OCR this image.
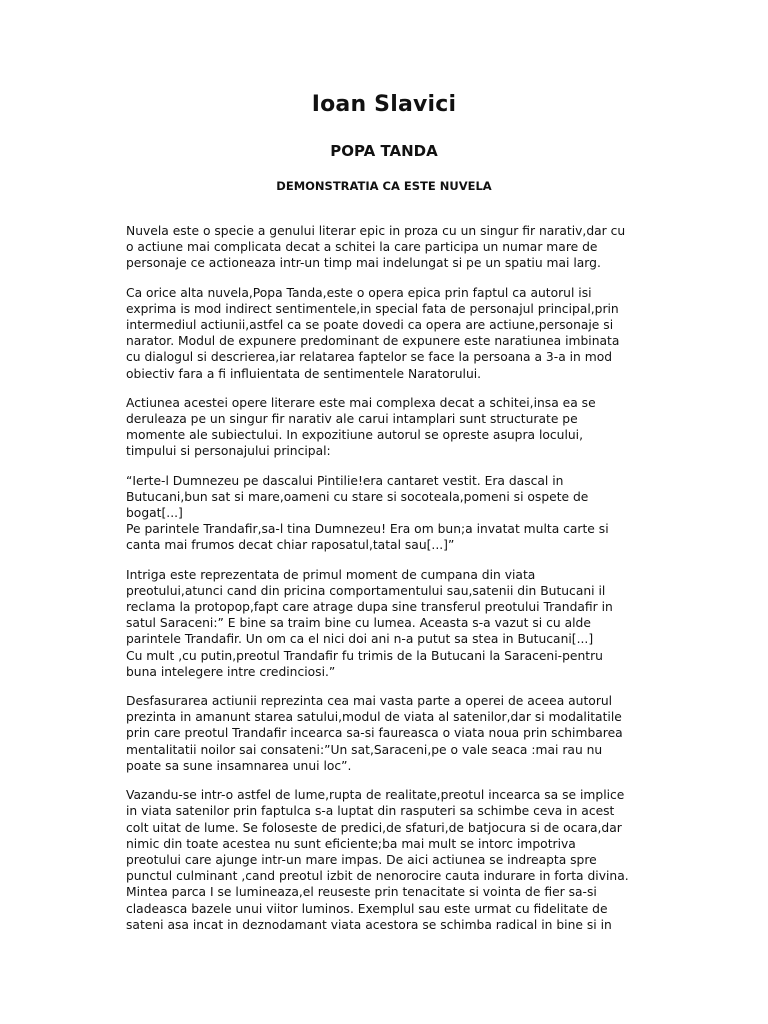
Ioan Slavici
POPA TANDA
DEMONSTRATIA CA ESTE NUVELA

Nuvela este o specie a genului literar epic in proza cu un singur fir narativ,dar cu
o actiune mai complicata decat a schitei la care participa un numar mare de
personaje ce actioneaza intr-un timp mai indelungat si pe un spatiu mai larg.

Ca orice alta nuvela,Popa Tanda,este o opera epica prin faptul ca autorul isi
exprima is mod indirect sentimentele,in special fata de personajul principal,prin
intermediul actiunii,astfel ca se poate dovedi ca opera are actiune,personaje si
narator. Modul de expunere predominant de expunere este naratiunea imbinata
cu dialogul si descrierea,iar relatarea faptelor se face la persoana a 3-a in mod
obiectiv fara a fi influientata de sentimentele Naratorului.

Actiunea acestei opere literare este mai complexa decat a schitei,insa ea se
deruleaza pe un singur fir narativ ale carui intamplari sunt structurate pe
momente ale subiectului. In expozitiune autorul se opreste asupra locului,
timpului si personajului principal:

“Ierte-l Dumnezeu pe dascalui Pintilie!era cantaret vestit. Era dascal in
Butucani,bun sat si mare,oameni cu stare si socoteala,pomeni si ospete de
bogat[...]
Pe parintele Trandafir,sa-l tina Dumnezeu! Era om bun;a invatat multa carte si
canta mai frumos decat chiar raposatul,tatal sau[...]”

Intriga este reprezentata de primul moment de cumpana din viata
preotului,atunci cand din pricina comportamentului sau,satenii din Butucani il
reclama la protopop,fapt care atrage dupa sine transferul preotului Trandafir in
satul Saraceni:” E bine sa traim bine cu lumea. Aceasta s-a vazut si cu alde
parintele Trandafir. Un om ca el nici doi ani n-a putut sa stea in Butucani[...]
Cu mult ,cu putin,preotul Trandafir fu trimis de la Butucani la Saraceni-pentru
buna intelegere intre credinciosi.”

Desfasurarea actiunii reprezinta cea mai vasta parte a operei de aceea autorul
prezinta in amanunt starea satului,modul de viata al satenilor,dar si modalitatile
prin care preotul Trandafir incearca sa-si faureasca o viata noua prin schimbarea
mentalitatii noilor sai consateni:”Un sat,Saraceni,pe o vale seaca :mai rau nu
poate sa sune insamnarea unui loc”.

Vazandu-se intr-o astfel de lume,rupta de realitate,preotul incearca sa se implice
in viata satenilor prin faptulca s-a luptat din rasputeri sa schimbe ceva in acest
colt uitat de lume. Se foloseste de predici,de sfaturi,de batjocura si de ocara,dar
nimic din toate acestea nu sunt eficiente;ba mai mult se intorc impotriva
preotului care ajunge intr-un mare impas. De aici actiunea se indreapta spre
punctul culminant ,cand preotul izbit de nenorocire cauta indurare in forta divina.
Mintea parca I se lumineaza,el reuseste prin tenacitate si vointa de fier sa-si
cladeasca bazele unui viitor luminos. Exemplul sau este urmat cu fidelitate de
sateni asa incat in deznodamant viata acestora se schimba radical in bine si in
